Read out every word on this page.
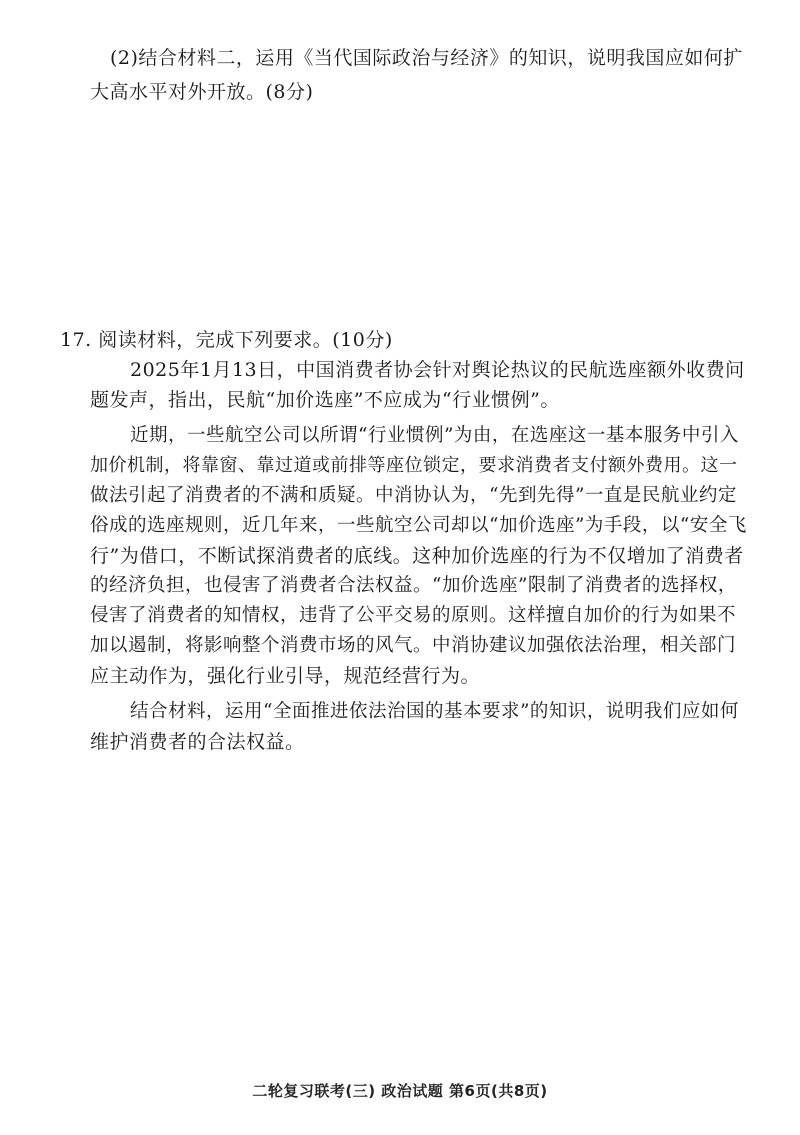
(2)结合材料二，运用《当代国际政治与经济》的知识，说明我国应如何扩
大高水平对外开放。(8分)
17. 阅读材料，完成下列要求。(10分)
2025年1月13日，中国消费者协会针对舆论热议的民航选座额外收费问
题发声，指出，民航“加价选座”不应成为“行业惯例”。
近期，一些航空公司以所谓“行业惯例”为由，在选座这一基本服务中引入
加价机制，将靠窗、靠过道或前排等座位锁定，要求消费者支付额外费用。这一
做法引起了消费者的不满和质疑。中消协认为，“先到先得”一直是民航业约定
俗成的选座规则，近几年来，一些航空公司却以“加价选座”为手段，以“安全飞
行”为借口，不断试探消费者的底线。这种加价选座的行为不仅增加了消费者
的经济负担，也侵害了消费者合法权益。“加价选座”限制了消费者的选择权，
侵害了消费者的知情权，违背了公平交易的原则。这样擅自加价的行为如果不
加以遏制，将影响整个消费市场的风气。中消协建议加强依法治理，相关部门
应主动作为，强化行业引导，规范经营行为。
结合材料，运用“全面推进依法治国的基本要求”的知识，说明我们应如何
维护消费者的合法权益。
二轮复习联考(三) 政治试题 第6页(共8页)
